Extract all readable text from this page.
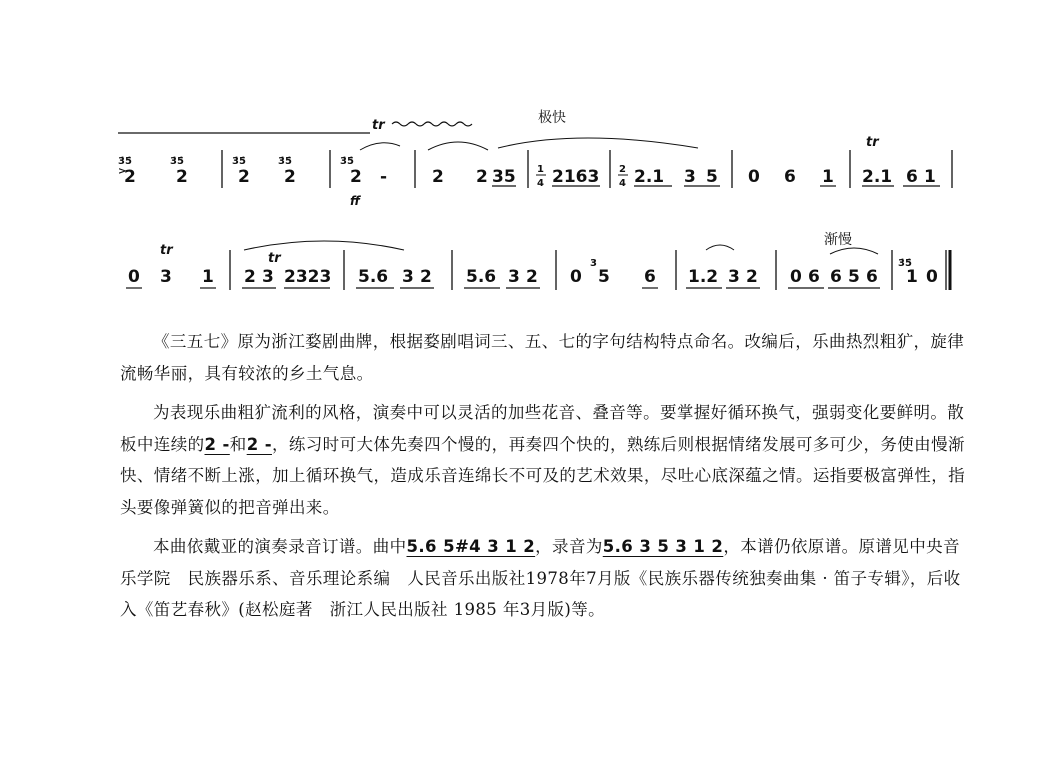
tr	极快
3̇5̇
>
2
3̇5̇
2
3̇5̇
2
3̇5̇
2
3̇5̇
2 -
ff
2 2 35 1
4 2163 2
4 2.1 3 5 0 6 1
tr
2.1 6 1
渐慢
tr
0 3 1
tr
2 3 2323 5.6 3 2 5.6 3 2 0
3
5 6 1.2 3 2 0 6 6 5 6
3̇5̇
1 0

《三五七》原为浙江婺剧曲牌，根据婺剧唱词三、五、七的字句结构特点命名。改编后，乐曲热烈粗犷，旋律流畅华丽，具有较浓的乡土气息。

为表现乐曲粗犷流利的风格，演奏中可以灵活的加些花音、叠音等。要掌握好循环换气，强弱变化要鲜明。散板中连续的2 -和2 -，练习时可大体先奏四个慢的，再奏四个快的，熟练后则根据情绪发展可多可少，务使由慢渐快、情绪不断上涨，加上循环换气，造成乐音连绵长不可及的艺术效果，尽吐心底深蕴之情。运指要极富弹性，指头要像弹簧似的把音弹出来。

本曲依戴亚的演奏录音订谱。曲中5.6 5#4 3 1 2，录音为5.6 3 5 3 1 2，本谱仍依原谱。原谱见中央音乐学院　民族器乐系、音乐理论系编　人民音乐出版社1978年7月版《民族乐器传统独奏曲集 · 笛子专辑》，后收入《笛艺春秋》(赵松庭著　浙江人民出版社 1985 年3月版)等。
